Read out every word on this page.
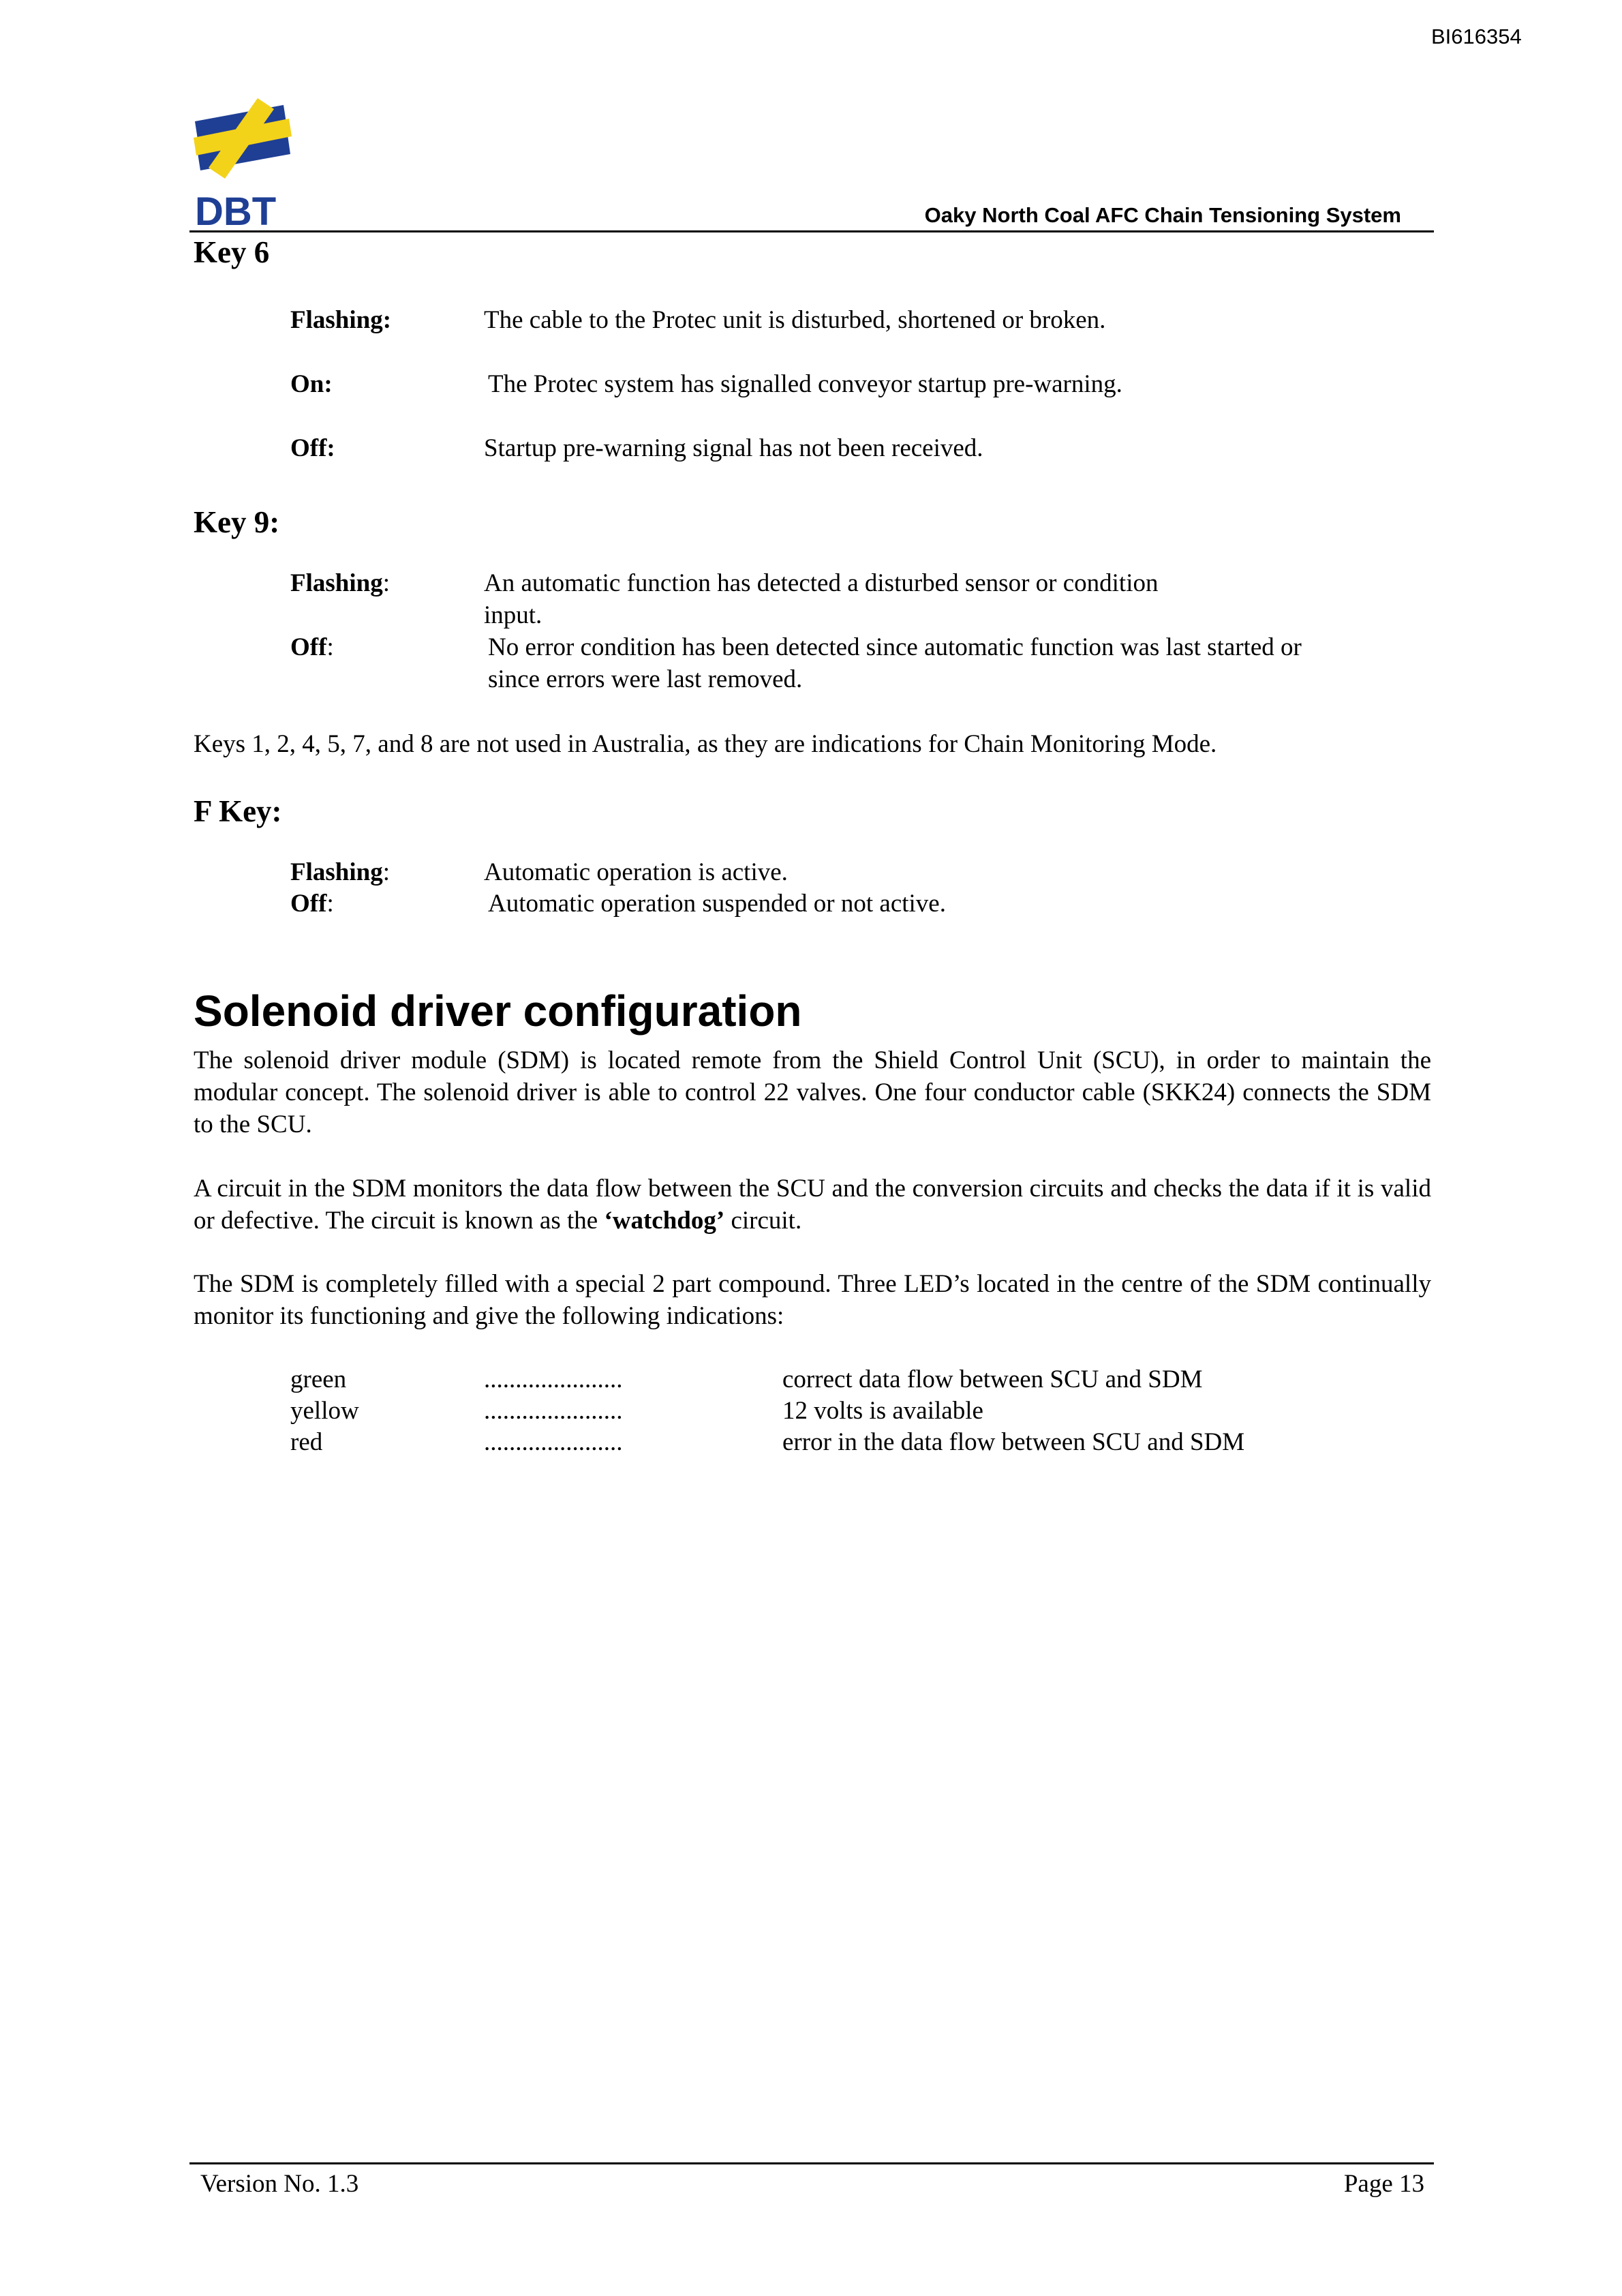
BI616354
DBT	Oaky North Coal AFC Chain Tensioning System
Key 6
Flashing:	The cable to the Protec unit is disturbed, shortened or broken.
On:	The Protec system has signalled conveyor startup pre-warning.
Off:	Startup pre-warning signal has not been received.
Key 9:
Flashing:	An automatic function has detected a disturbed sensor or condition
input.
Off:	No error condition has been detected since automatic function was last started or
since errors were last removed.
Keys 1, 2, 4, 5, 7, and 8 are not used in Australia, as they are indications for Chain Monitoring Mode.
F Key:
Flashing:	Automatic operation is active.
Off:	Automatic operation suspended or not active.
Solenoid driver configuration
The solenoid driver module (SDM) is located remote from the Shield Control Unit (SCU), in order to maintain the modular concept. The solenoid driver is able to control 22 valves. One four conductor cable (SKK24) connects the SDM to the SCU.
A circuit in the SDM monitors the data flow between the SCU and the conversion circuits and checks the data if it is valid or defective. The circuit is known as the ‘watchdog’ circuit.
The SDM is completely filled with a special 2 part compound. Three LED’s located in the centre of the SDM continually monitor its functioning and give the following indications:
green	......................	correct data flow between SCU and SDM
yellow	......................	12 volts is available
red	......................	error in the data flow between SCU and SDM
Version No. 1.3	Page 13
